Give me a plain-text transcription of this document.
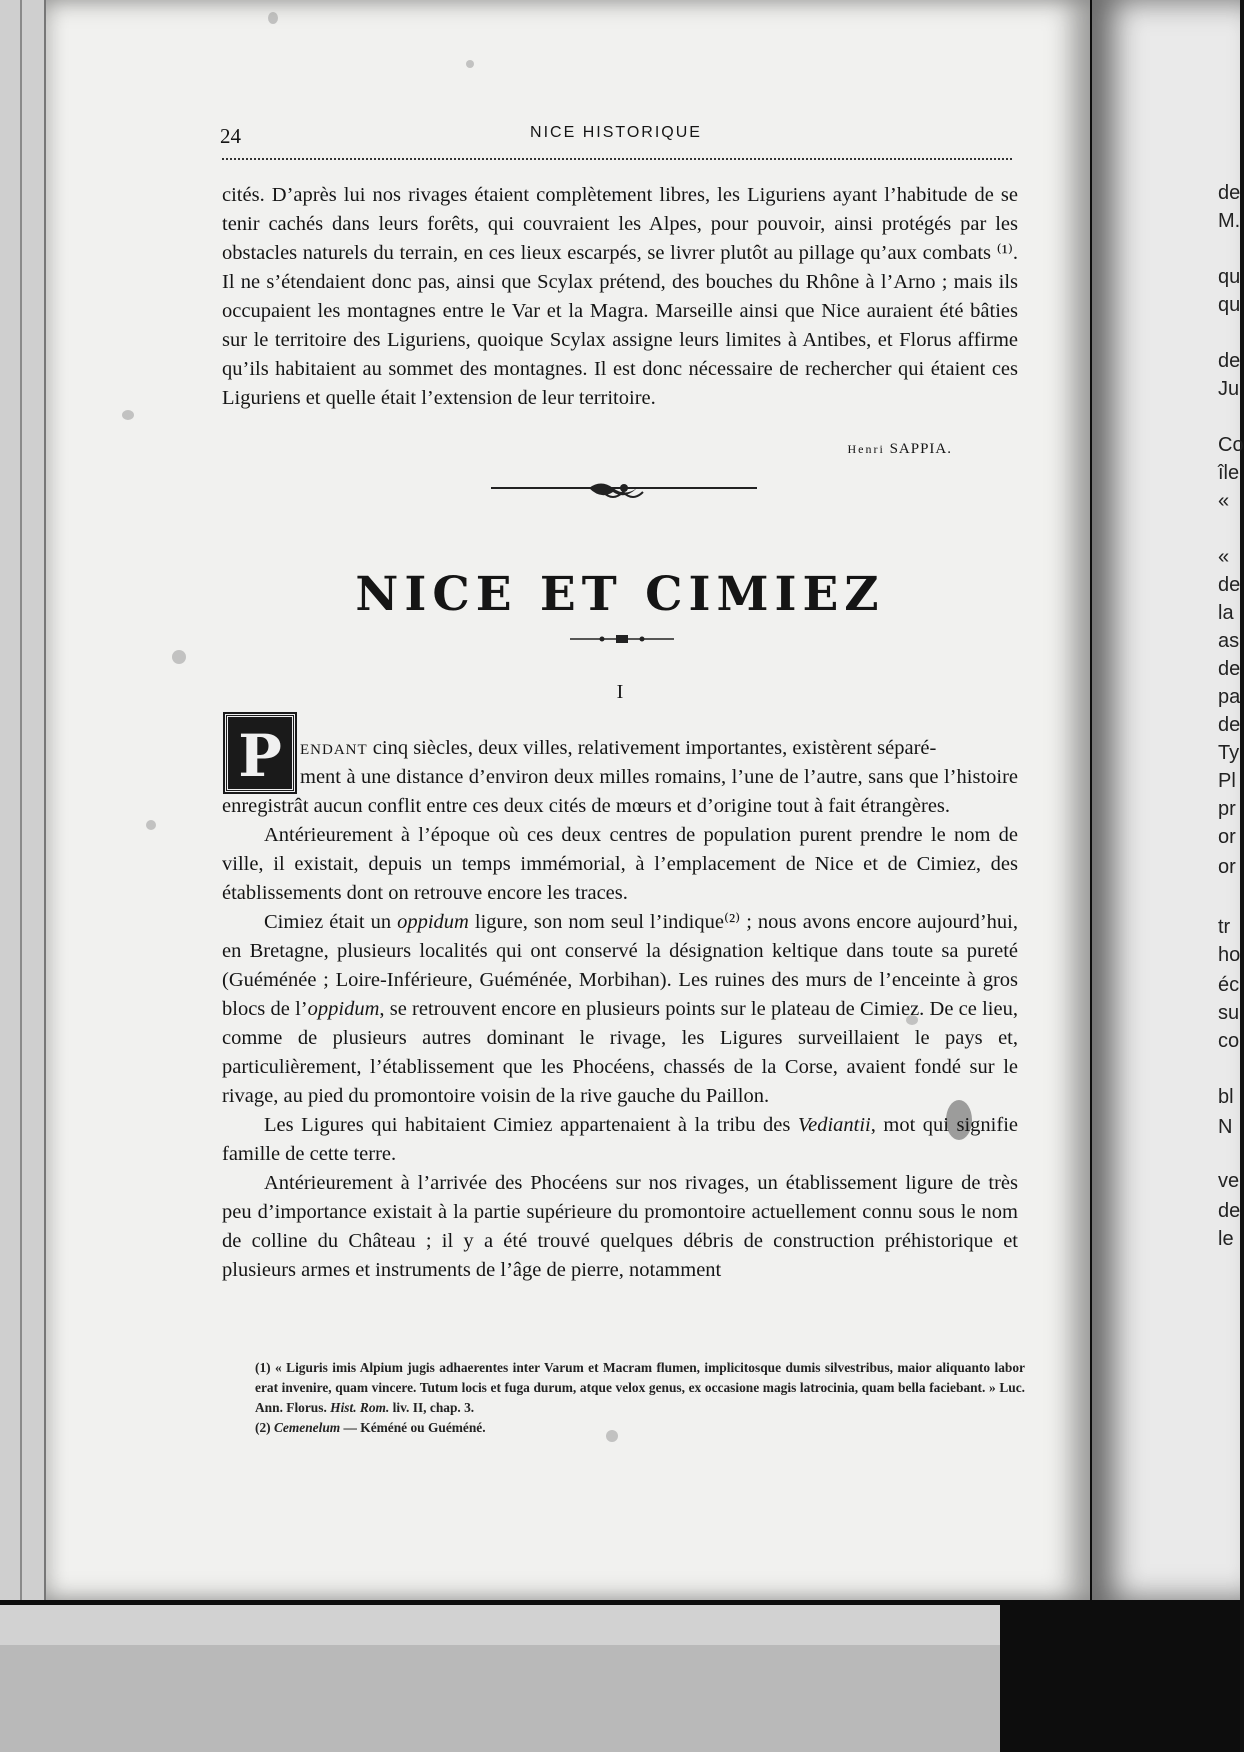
24	NICE HISTORIQUE

cités. D’après lui nos rivages étaient complètement libres, les Liguriens ayant l’habitude de se tenir cachés dans leurs forêts, qui couvraient les Alpes, pour pouvoir, ainsi protégés par les obstacles naturels du terrain, en ces lieux escarpés, se livrer plutôt au pillage qu’aux combats ⁽¹⁾. Il ne s’étendaient donc pas, ainsi que Scylax prétend, des bouches du Rhône à l’Arno ; mais ils occupaient les montagnes entre le Var et la Magra. Marseille ainsi que Nice auraient été bâties sur le territoire des Liguriens, quoique Scylax assigne leurs limites à Antibes, et Florus affirme qu’ils habitaient au sommet des montagnes. Il est donc nécessaire de rechercher qui étaient ces Liguriens et quelle était l’extension de leur territoire.

Henri SAPPIA.
NICE ET CIMIEZ
I
P	ENDANT cinq siècles, deux villes, relativement importantes, existèrent séparé-

ment à une distance d’environ deux milles romains, l’une de l’autre, sans que l’histoire enregistrât aucun conflit entre ces deux cités de mœurs et d’origine tout à fait étrangères.

Antérieurement à l’époque où ces deux centres de population purent prendre le nom de ville, il existait, depuis un temps immémorial, à l’emplacement de Nice et de Cimiez, des établissements dont on retrouve encore les traces.

Cimiez était un oppidum ligure, son nom seul l’indique⁽²⁾ ; nous avons encore aujourd’hui, en Bretagne, plusieurs localités qui ont conservé la désignation keltique dans toute sa pureté (Guéménée ; Loire-Inférieure, Guéménée, Morbihan). Les ruines des murs de l’enceinte à gros blocs de l’oppidum, se retrouvent encore en plusieurs points sur le plateau de Cimiez. De ce lieu, comme de plusieurs autres dominant le rivage, les Ligures surveillaient le pays et, particulièrement, l’établissement que les Phocéens, chassés de la Corse, avaient fondé sur le rivage, au pied du promontoire voisin de la rive gauche du Paillon.

Les Ligures qui habitaient Cimiez appartenaient à la tribu des Vediantii, mot qui signifie famille de cette terre.

Antérieurement à l’arrivée des Phocéens sur nos rivages, un établissement ligure de très peu d’importance existait à la partie supérieure du promontoire actuellement connu sous le nom de colline du Château ; il y a été trouvé quelques débris de construction préhistorique et plusieurs armes et instruments de l’âge de pierre, notamment

(1) « Liguris imis Alpium jugis adhaerentes inter Varum et Macram flumen, implicitosque dumis silvestribus, maior aliquanto labor erat invenire, quam vincere. Tutum locis et fuga durum, atque velox genus, ex occasione magis latrocinia, quam bella faciebant. » Luc. Ann. Florus. Hist. Rom. liv. II, chap. 3.

(2) Cemenelum — Kéméné ou Guéméné.

de
M.
qu
qu
de
Ju
Co
île
«
«
de
la
as
de
pa
de
Ty
Pl
pr
or
or
tr
ho
éc
su
co
bl
N
ve
de
le
